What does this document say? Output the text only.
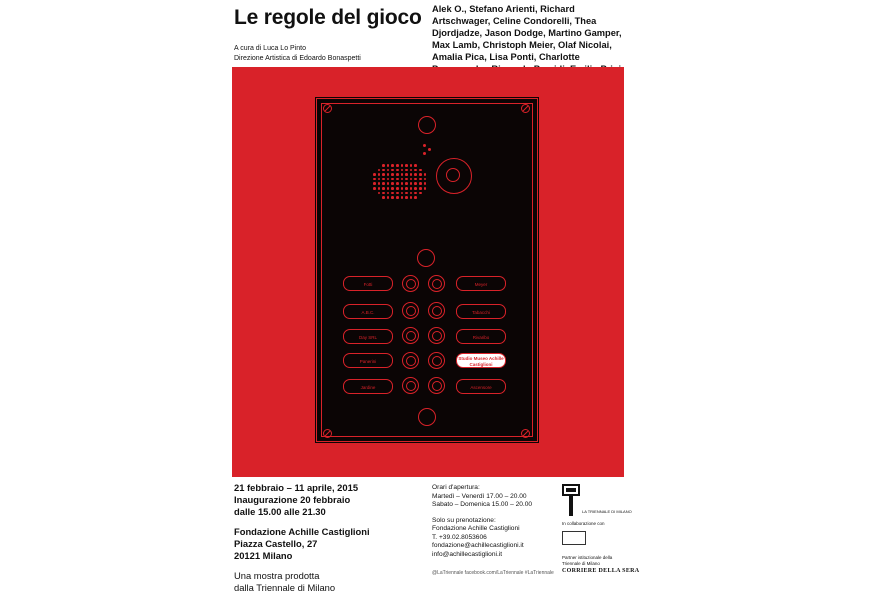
Le regole del gioco Alek O., Stefano Arienti, Richard Artschwager, Celine Condorelli, Thea Djordjadze, Jason Dodge, Martino Gamper, Max Lamb, Christoph Meier, Olaf Nicolai, Amalia Pica, Lisa Ponti, Charlotte
A cura di Luca Lo Pinto
Direzione Artistica di Edoardo Bonaspetti
Fotti
A.B.C.
Day SRL
Panerini
Jardine
Meyer
Tabacchi
Rivaribo
Studio Museo Achille Castiglioni
Ascensore
21 febbraio – 11 aprile, 2015
Inaugurazione 20 febbraio
dalle 15.00 alle 21.30
Fondazione Achille Castiglioni
Piazza Castello, 27
20121 Milano
Una mostra prodotta
dalla Triennale di Milano
Orari d'apertura:
Martedì – Venerdì 17.00 – 20.00
Sabato – Domenica 15.00 – 20.00
Solo su prenotazione:
Fondazione Achille Castiglioni
T. +39.02.8053606
fondazione@achillecastiglioni.it
info@achillecastiglioni.it
@LaTriennale facebook.com/LaTriennale #LaTriennale
LA TRIENNALE DI MILANO
In collaborazione con
Partner istituzionale della Triennale di Milano
CORRIERE DELLA SERA
